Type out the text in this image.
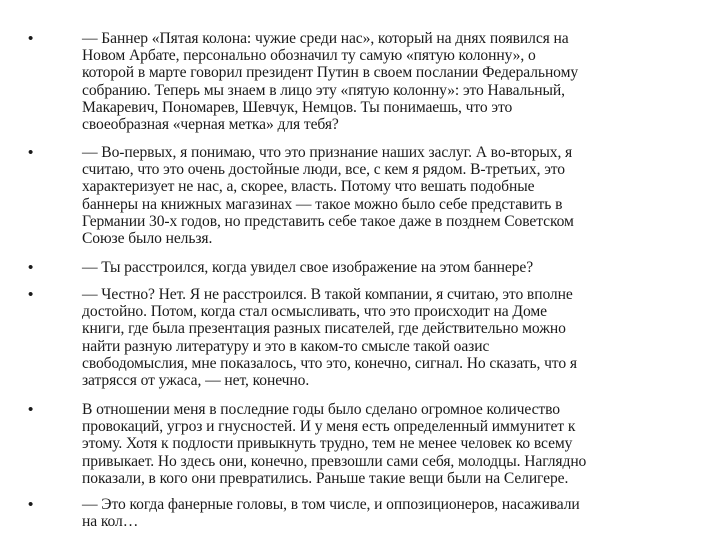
•	— Баннер «Пятая колона: чужие среди нас», который на днях появился на
Новом Арбате, персонально обозначил ту самую «пятую колонну», о
которой в марте говорил президент Путин в своем послании Федеральному
собранию. Теперь мы знаем в лицо эту «пятую колонну»: это Навальный,
Макаревич, Пономарев, Шевчук, Немцов. Ты понимаешь, что это
своеобразная «черная метка» для тебя?

•	— Во-первых, я понимаю, что это признание наших заслуг. А во-вторых, я
считаю, что это очень достойные люди, все, с кем я рядом. В-третьих, это
характеризует не нас, а, скорее, власть. Потому что вешать подобные
баннеры на книжных магазинах — такое можно было себе представить в
Германии 30-х годов, но представить себе такое даже в позднем Советском
Союзе было нельзя.

•	— Ты расстроился, когда увидел свое изображение на этом баннере?

•	— Честно? Нет. Я не расстроился. В такой компании, я считаю, это вполне
достойно. Потом, когда стал осмысливать, что это происходит на Доме
книги, где была презентация разных писателей, где действительно можно
найти разную литературу и это в каком-то смысле такой оазис
свободомыслия, мне показалось, что это, конечно, сигнал. Но сказать, что я
затрясся от ужаса, — нет, конечно.

•	В отношении меня в последние годы было сделано огромное количество
провокаций, угроз и гнусностей. И у меня есть определенный иммунитет к
этому. Хотя к подлости привыкнуть трудно, тем не менее человек ко всему
привыкает. Но здесь они, конечно, превзошли сами себя, молодцы. Наглядно
показали, в кого они превратились. Раньше такие вещи были на Селигере.

•	— Это когда фанерные головы, в том числе, и оппозиционеров, насаживали
на кол…
